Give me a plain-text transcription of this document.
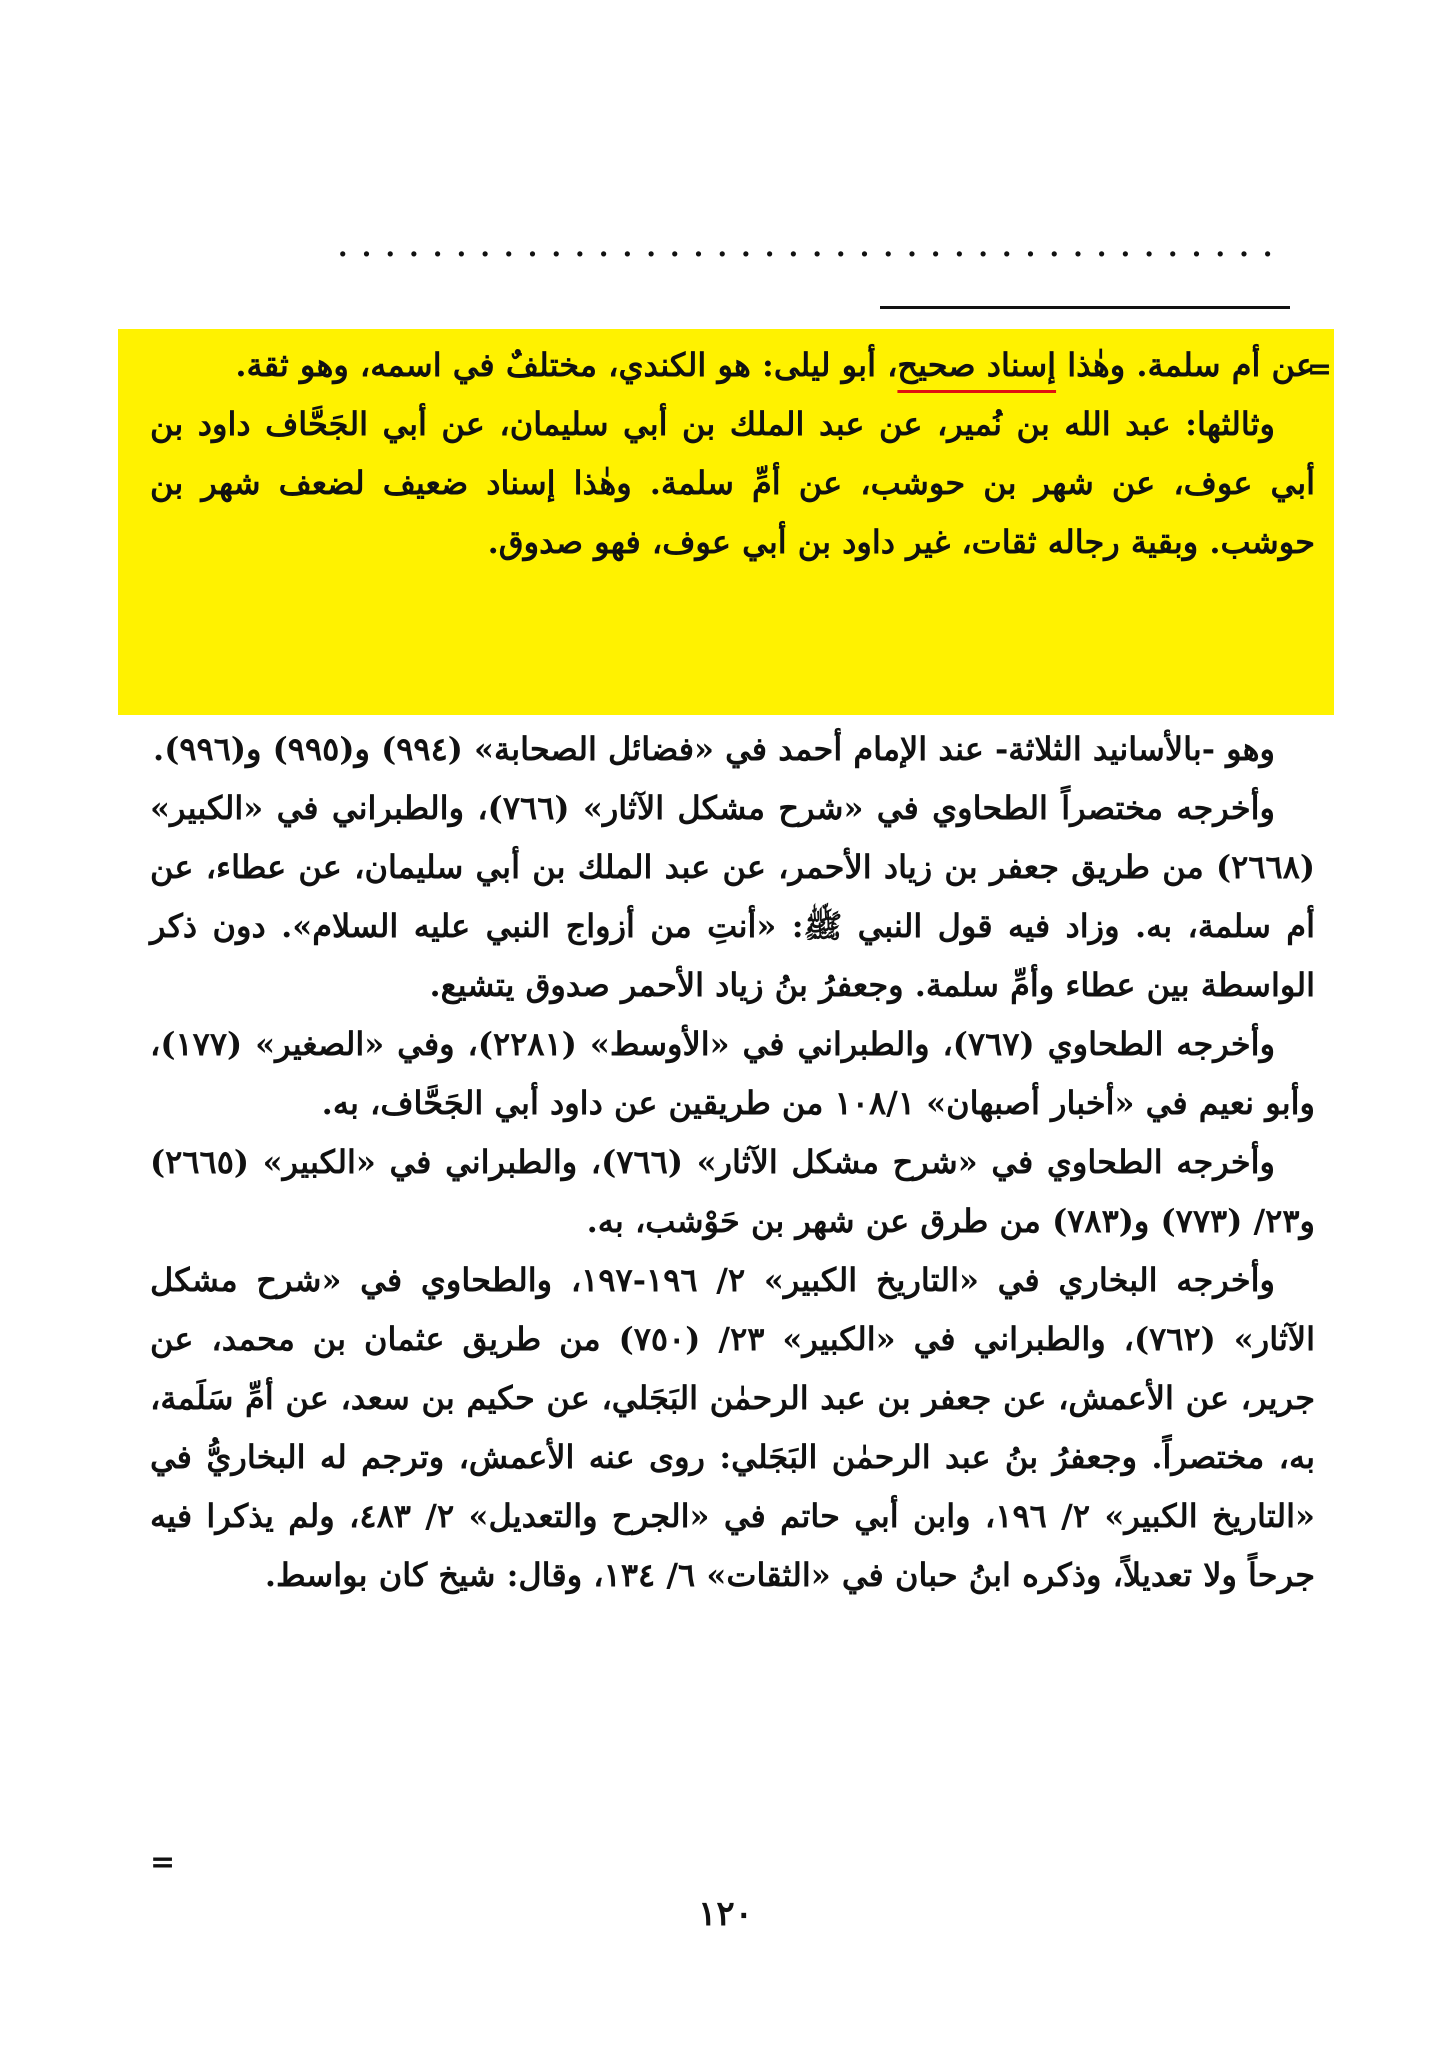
........................................
=

عن أم سلمة. وهٰذا إسناد صحيح، أبو ليلى: هو الكندي، مختلفٌ في اسمه، وهو ثقة.

وثالثها: عبد الله بن نُمير، عن عبد الملك بن أبي سليمان، عن أبي الجَحَّاف داود بن أبي عوف، عن شهر بن حوشب، عن أمِّ سلمة. وهٰذا إسناد ضعيف لضعف شهر بن حوشب. وبقية رجاله ثقات، غير داود بن أبي عوف، فهو صدوق.

وهو -بالأسانيد الثلاثة- عند الإمام أحمد في «فضائل الصحابة» (٩٩٤) و(٩٩٥) و(٩٩٦).

وأخرجه مختصراً الطحاوي في «شرح مشكل الآثار» (٧٦٦)، والطبراني في «الكبير» (٢٦٦٨) من طريق جعفر بن زياد الأحمر، عن عبد الملك بن أبي سليمان، عن عطاء، عن أم سلمة، به. وزاد فيه قول النبي ﷺ: «أنتِ من أزواج النبي عليه السلام». دون ذكر الواسطة بين عطاء وأمِّ سلمة. وجعفرُ بنُ زياد الأحمر صدوق يتشيع.

وأخرجه الطحاوي (٧٦٧)، والطبراني في «الأوسط» (٢٢٨١)، وفي «الصغير» (١٧٧)، وأبو نعيم في «أخبار أصبهان» ١٠٨/١ من طريقين عن داود أبي الجَحَّاف، به.

وأخرجه الطحاوي في «شرح مشكل الآثار» (٧٦٦)، والطبراني في «الكبير» (٢٦٦٥) و٢٣/ (٧٧٣) و(٧٨٣) من طرق عن شهر بن حَوْشب، به.

وأخرجه البخاري في «التاريخ الكبير» ٢/ ١٩٦-١٩٧، والطحاوي في «شرح مشكل الآثار» (٧٦٢)، والطبراني في «الكبير» ٢٣/ (٧٥٠) من طريق عثمان بن محمد، عن جرير، عن الأعمش، عن جعفر بن عبد الرحمٰن البَجَلي، عن حكيم بن سعد، عن أمِّ سَلَمة، به، مختصراً. وجعفرُ بنُ عبد الرحمٰن البَجَلي: روى عنه الأعمش، وترجم له البخاريُّ في «التاريخ الكبير» ٢/ ١٩٦، وابن أبي حاتم في «الجرح والتعديل» ٢/ ٤٨٣، ولم يذكرا فيه جرحاً ولا تعديلاً، وذكره ابنُ حبان في «الثقات» ٦/ ١٣٤، وقال: شيخ كان بواسط.

=
١٢٠
